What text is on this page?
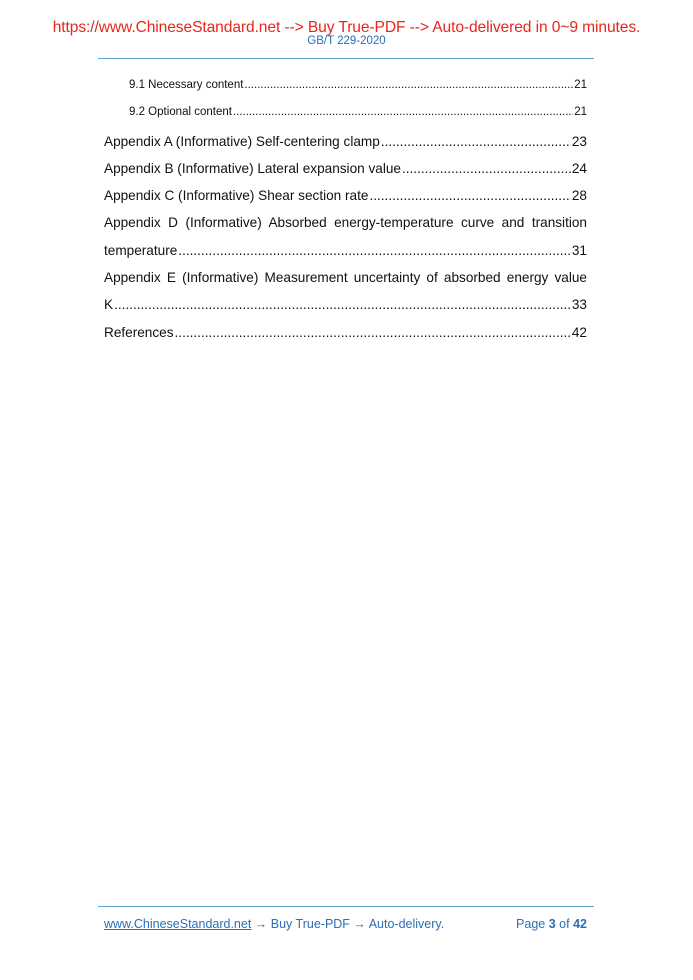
https://www.ChineseStandard.net --> Buy True-PDF --> Auto-delivered in 0~9 minutes.
GB/T 229-2020
9.1 Necessary content .....	21
9.2 Optional content .....	21
Appendix A (Informative) Self-centering clamp .....	23
Appendix B (Informative) Lateral expansion value .....	24
Appendix C (Informative) Shear section rate .....	28
Appendix D (Informative) Absorbed energy-temperature curve and transition
temperature .....	31
Appendix E (Informative) Measurement uncertainty of absorbed energy value
K .....	33
References .....	42
www.ChineseStandard.net → Buy True-PDF → Auto-delivery.	Page 3 of 42
